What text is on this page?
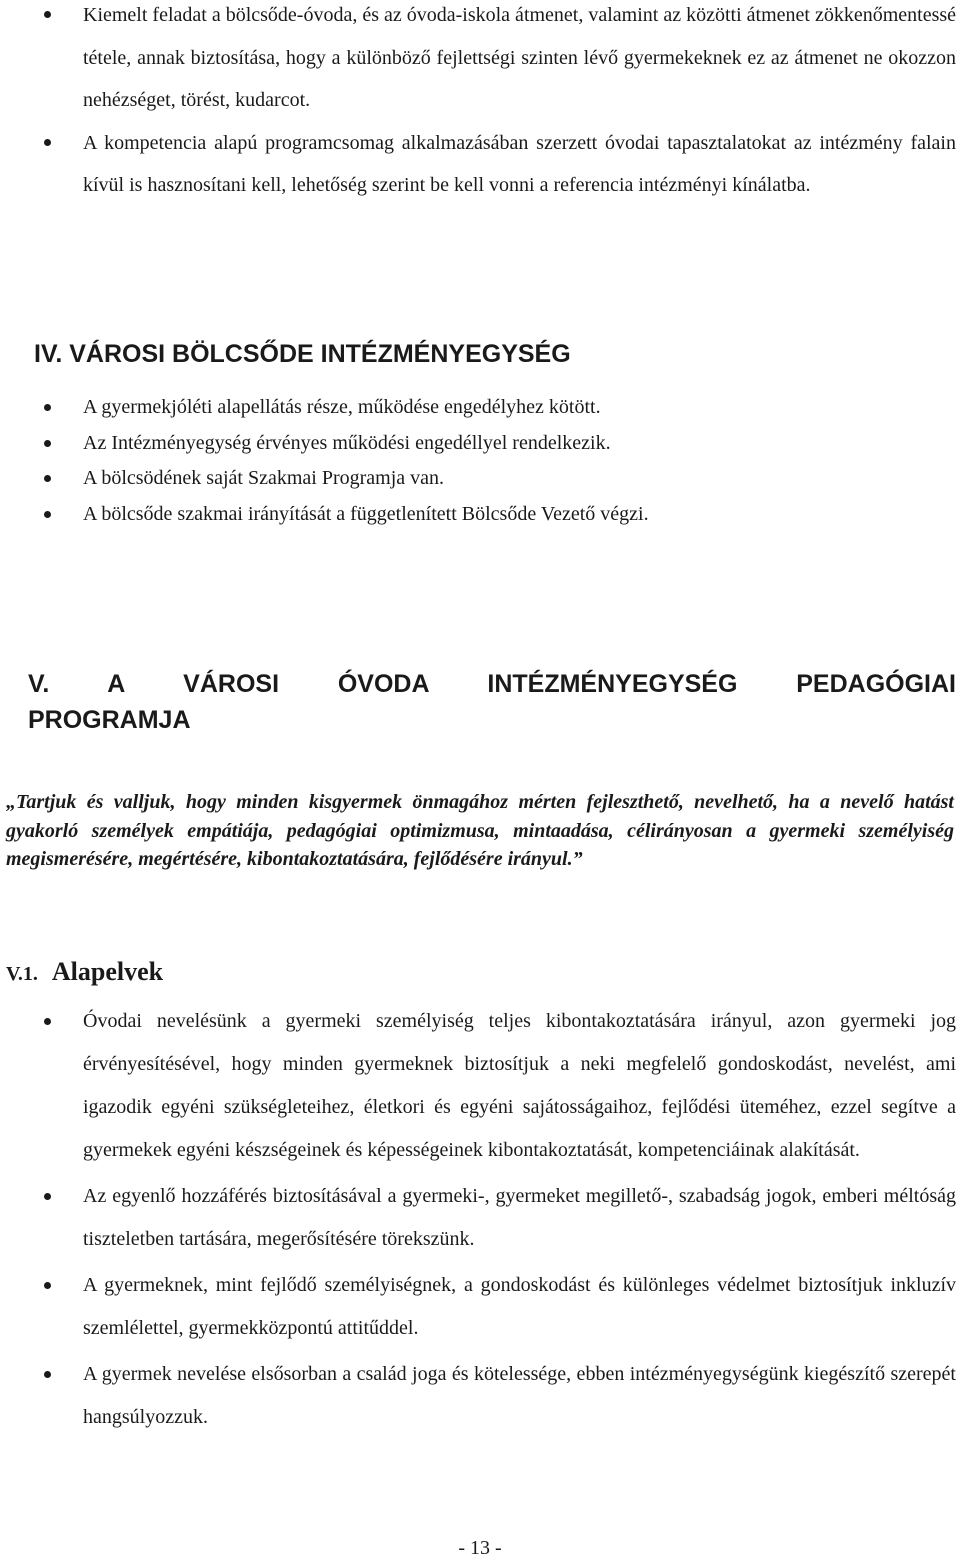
Kiemelt feladat a bölcsőde-óvoda, és az óvoda-iskola átmenet, valamint az közötti átmenet zökkenőmentessé tétele, annak biztosítása, hogy a különböző fejlettségi szinten lévő gyermekeknek ez az átmenet ne okozzon nehézséget, törést, kudarcot.
A kompetencia alapú programcsomag alkalmazásában szerzett óvodai tapasztalatokat az intézmény falain kívül is hasznosítani kell, lehetőség szerint be kell vonni a referencia intézményi kínálatba.
IV. VÁROSI BÖLCSŐDE INTÉZMÉNYEGYSÉG
A gyermekjóléti alapellátás része, működése engedélyhez kötött.
Az Intézményegység érvényes működési engedéllyel rendelkezik.
A bölcsödének saját Szakmai Programja van.
A bölcsőde szakmai irányítását a függetlenített Bölcsőde Vezető végzi.
V. A VÁROSI ÓVODA INTÉZMÉNYEGYSÉG PEDAGÓGIAI
PROGRAMJA
„Tartjuk és valljuk, hogy minden kisgyermek önmagához mérten fejleszthető, nevelhető, ha a nevelő hatást gyakorló személyek empátiája, pedagógiai optimizmusa, mintaadása, célirányosan a gyermeki személyiség megismerésére, megértésére, kibontakoztatására, fejlődésére irányul.”
V.1. Alapelvek
Óvodai nevelésünk a gyermeki személyiség teljes kibontakoztatására irányul, azon gyermeki jog érvényesítésével, hogy minden gyermeknek biztosítjuk a neki megfelelő gondoskodást, nevelést, ami igazodik egyéni szükségleteihez, életkori és egyéni sajátosságaihoz, fejlődési üteméhez, ezzel segítve a gyermekek egyéni készségeinek és képességeinek kibontakoztatását, kompetenciáinak alakítását.
Az egyenlő hozzáférés biztosításával a gyermeki-, gyermeket megillető-, szabadság jogok, emberi méltóság tiszteletben tartására, megerősítésére törekszünk.
A gyermeknek, mint fejlődő személyiségnek, a gondoskodást és különleges védelmet biztosítjuk inkluzív szemlélettel, gyermekközpontú attitűddel.
A gyermek nevelése elsősorban a család joga és kötelessége, ebben intézményegységünk kiegészítő szerepét hangsúlyozzuk.
- 13 -
